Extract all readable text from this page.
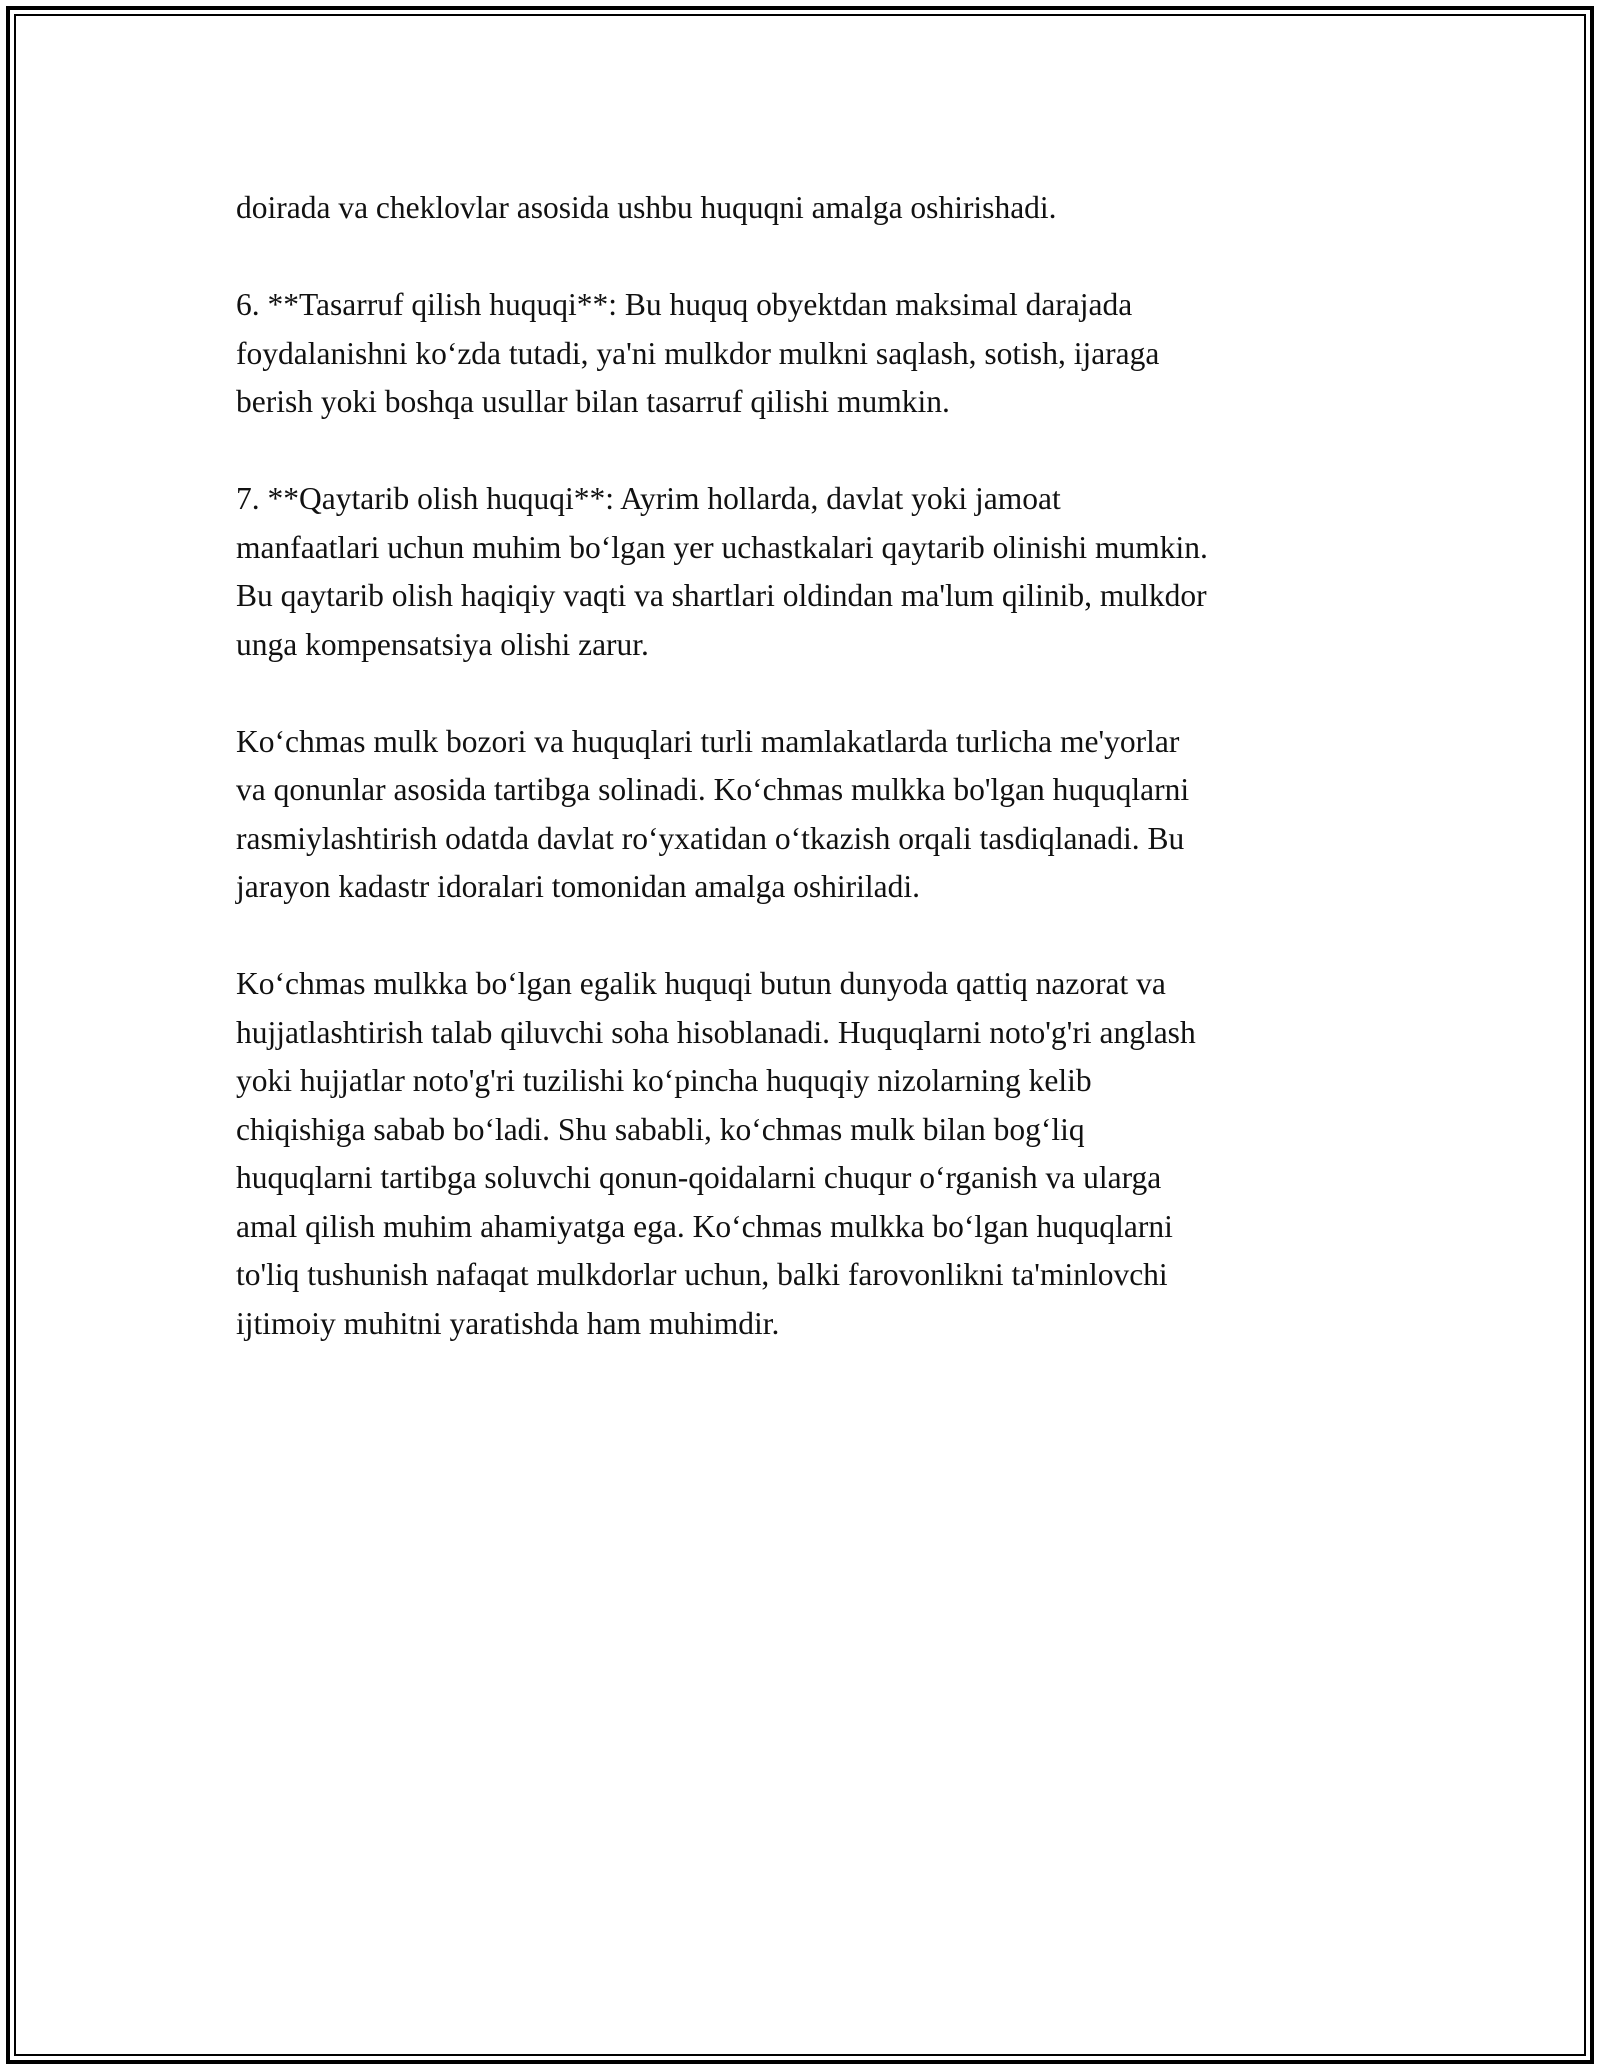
doirada va cheklovlar asosida ushbu huquqni amalga oshirishadi.

6. **Tasarruf qilish huquqi**: Bu huquq obyektdan maksimal darajada
foydalanishni ko‘zda tutadi, ya'ni mulkdor mulkni saqlash, sotish, ijaraga
berish yoki boshqa usullar bilan tasarruf qilishi mumkin.

7. **Qaytarib olish huquqi**: Ayrim hollarda, davlat yoki jamoat
manfaatlari uchun muhim bo‘lgan yer uchastkalari qaytarib olinishi mumkin.
Bu qaytarib olish haqiqiy vaqti va shartlari oldindan ma'lum qilinib, mulkdor
unga kompensatsiya olishi zarur.

Ko‘chmas mulk bozori va huquqlari turli mamlakatlarda turlicha me'yorlar
va qonunlar asosida tartibga solinadi. Ko‘chmas mulkka bo'lgan huquqlarni
rasmiylashtirish odatda davlat ro‘yxatidan o‘tkazish orqali tasdiqlanadi. Bu
jarayon kadastr idoralari tomonidan amalga oshiriladi.

Ko‘chmas mulkka bo‘lgan egalik huquqi butun dunyoda qattiq nazorat va
hujjatlashtirish talab qiluvchi soha hisoblanadi. Huquqlarni noto'g'ri anglash
yoki hujjatlar noto'g'ri tuzilishi ko‘pincha huquqiy nizolarning kelib
chiqishiga sabab bo‘ladi. Shu sababli, ko‘chmas mulk bilan bog‘liq
huquqlarni tartibga soluvchi qonun-qoidalarni chuqur o‘rganish va ularga
amal qilish muhim ahamiyatga ega. Ko‘chmas mulkka bo‘lgan huquqlarni
to'liq tushunish nafaqat mulkdorlar uchun, balki farovonlikni ta'minlovchi
ijtimoiy muhitni yaratishda ham muhimdir.
